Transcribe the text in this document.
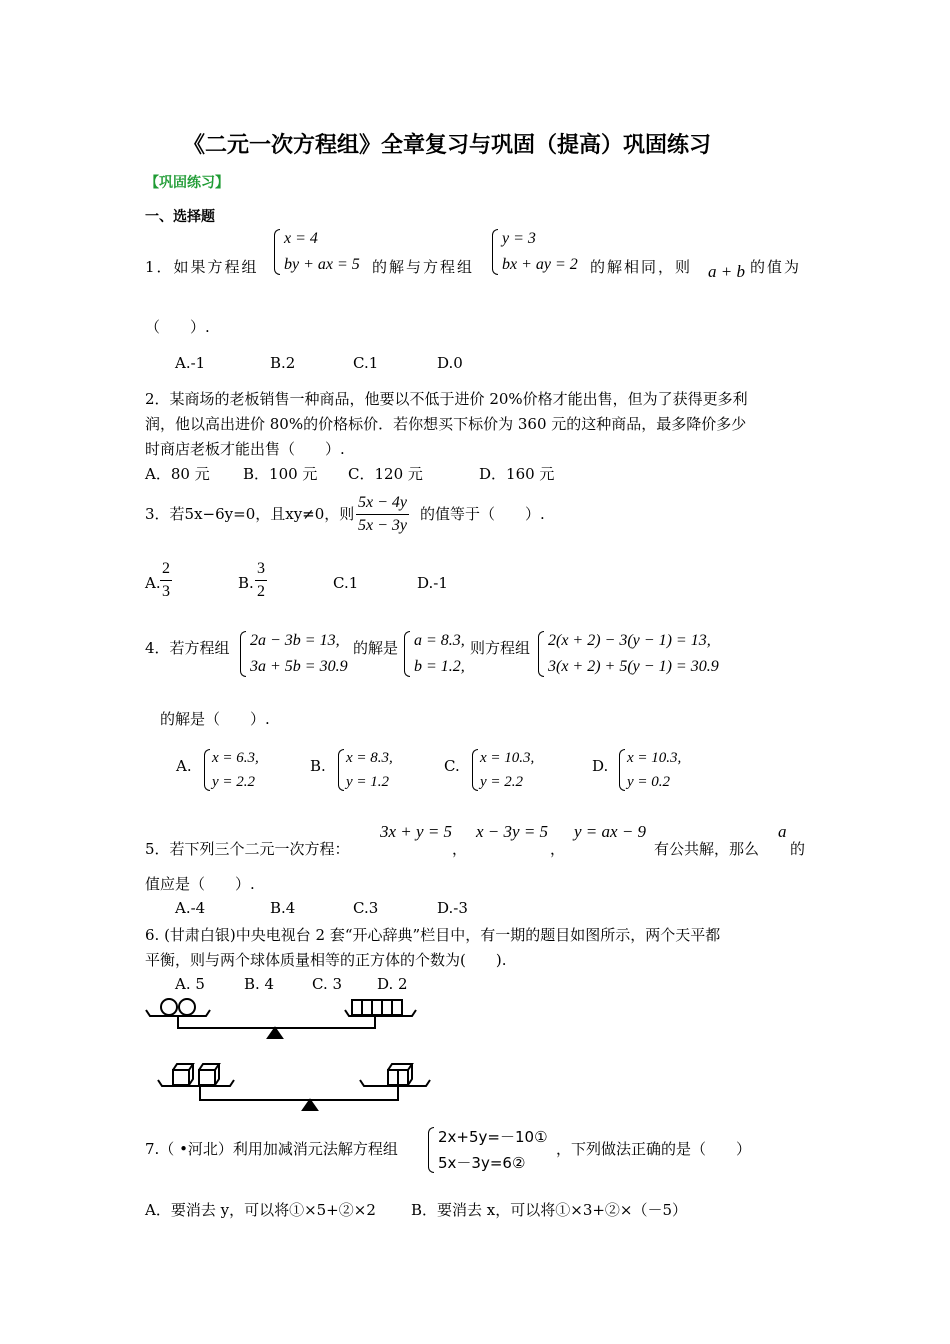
《二元一次方程组》全章复习与巩固（提高）巩固练习
【巩固练习】
一、选择题
1．如果方程组
x = 4
by + ax = 5 的解与方程组
y = 3
bx + ay = 2 的解相同，则 a + b 的值为
（　　）.
A.-1	B.2	C.1	D.0
2．某商场的老板销售一种商品，他要以不低于进价 20%价格才能出售，但为了获得更多利
润，他以高出进价 80%的价格标价．若你想买下标价为 360 元的这种商品，最多降价多少
时商店老板才能出售（　　）.
A．80 元 B．100 元 C．120 元	D．160 元
3．若5x−6y=0，且xy≠0，则 $\frac{5x - 4y}{5x - 3y}$ 的值等于（　　）.
A. $\frac{2}{3}$	B. $\frac{3}{2}$	C.1	D.-1
4．若方程组 2a − 3b = 13,
3a + 5b = 30.9
的解是 a = 8.3,
b = 1.2,
则方程组 2(x + 2) − 3(y − 1) = 13,
3(x + 2) + 5(y − 1) = 30.9
的解是（　　）.
A. x = 6.3,
y = 2.2
B. x = 8.3,
y = 1.2
C. x = 10.3,
y = 2.2
D. x = 10.3,
y = 0.2
5．若下列三个二元一次方程：
3x + y = 5
，
x − 3y = 5
，
y = ax − 9
有公共解，那么
a
的
值应是（　　）.
A.-4	B.4	C.3	D.-3
6. (甘肃白银)中央电视台 2 套“开心辞典”栏目中，有一期的题目如图所示，两个天平都
平衡，则与两个球体质量相等的正方体的个数为(　　).
A. 5	B. 4	C. 3 D. 2
7.（ •河北）利用加减消元法解方程组
2x+5y=－10①
5x－3y=6②
，下列做法正确的是（　　）
A．要消去 y，可以将①×5+②×2 B．要消去 x，可以将①×3+②×（－5）
